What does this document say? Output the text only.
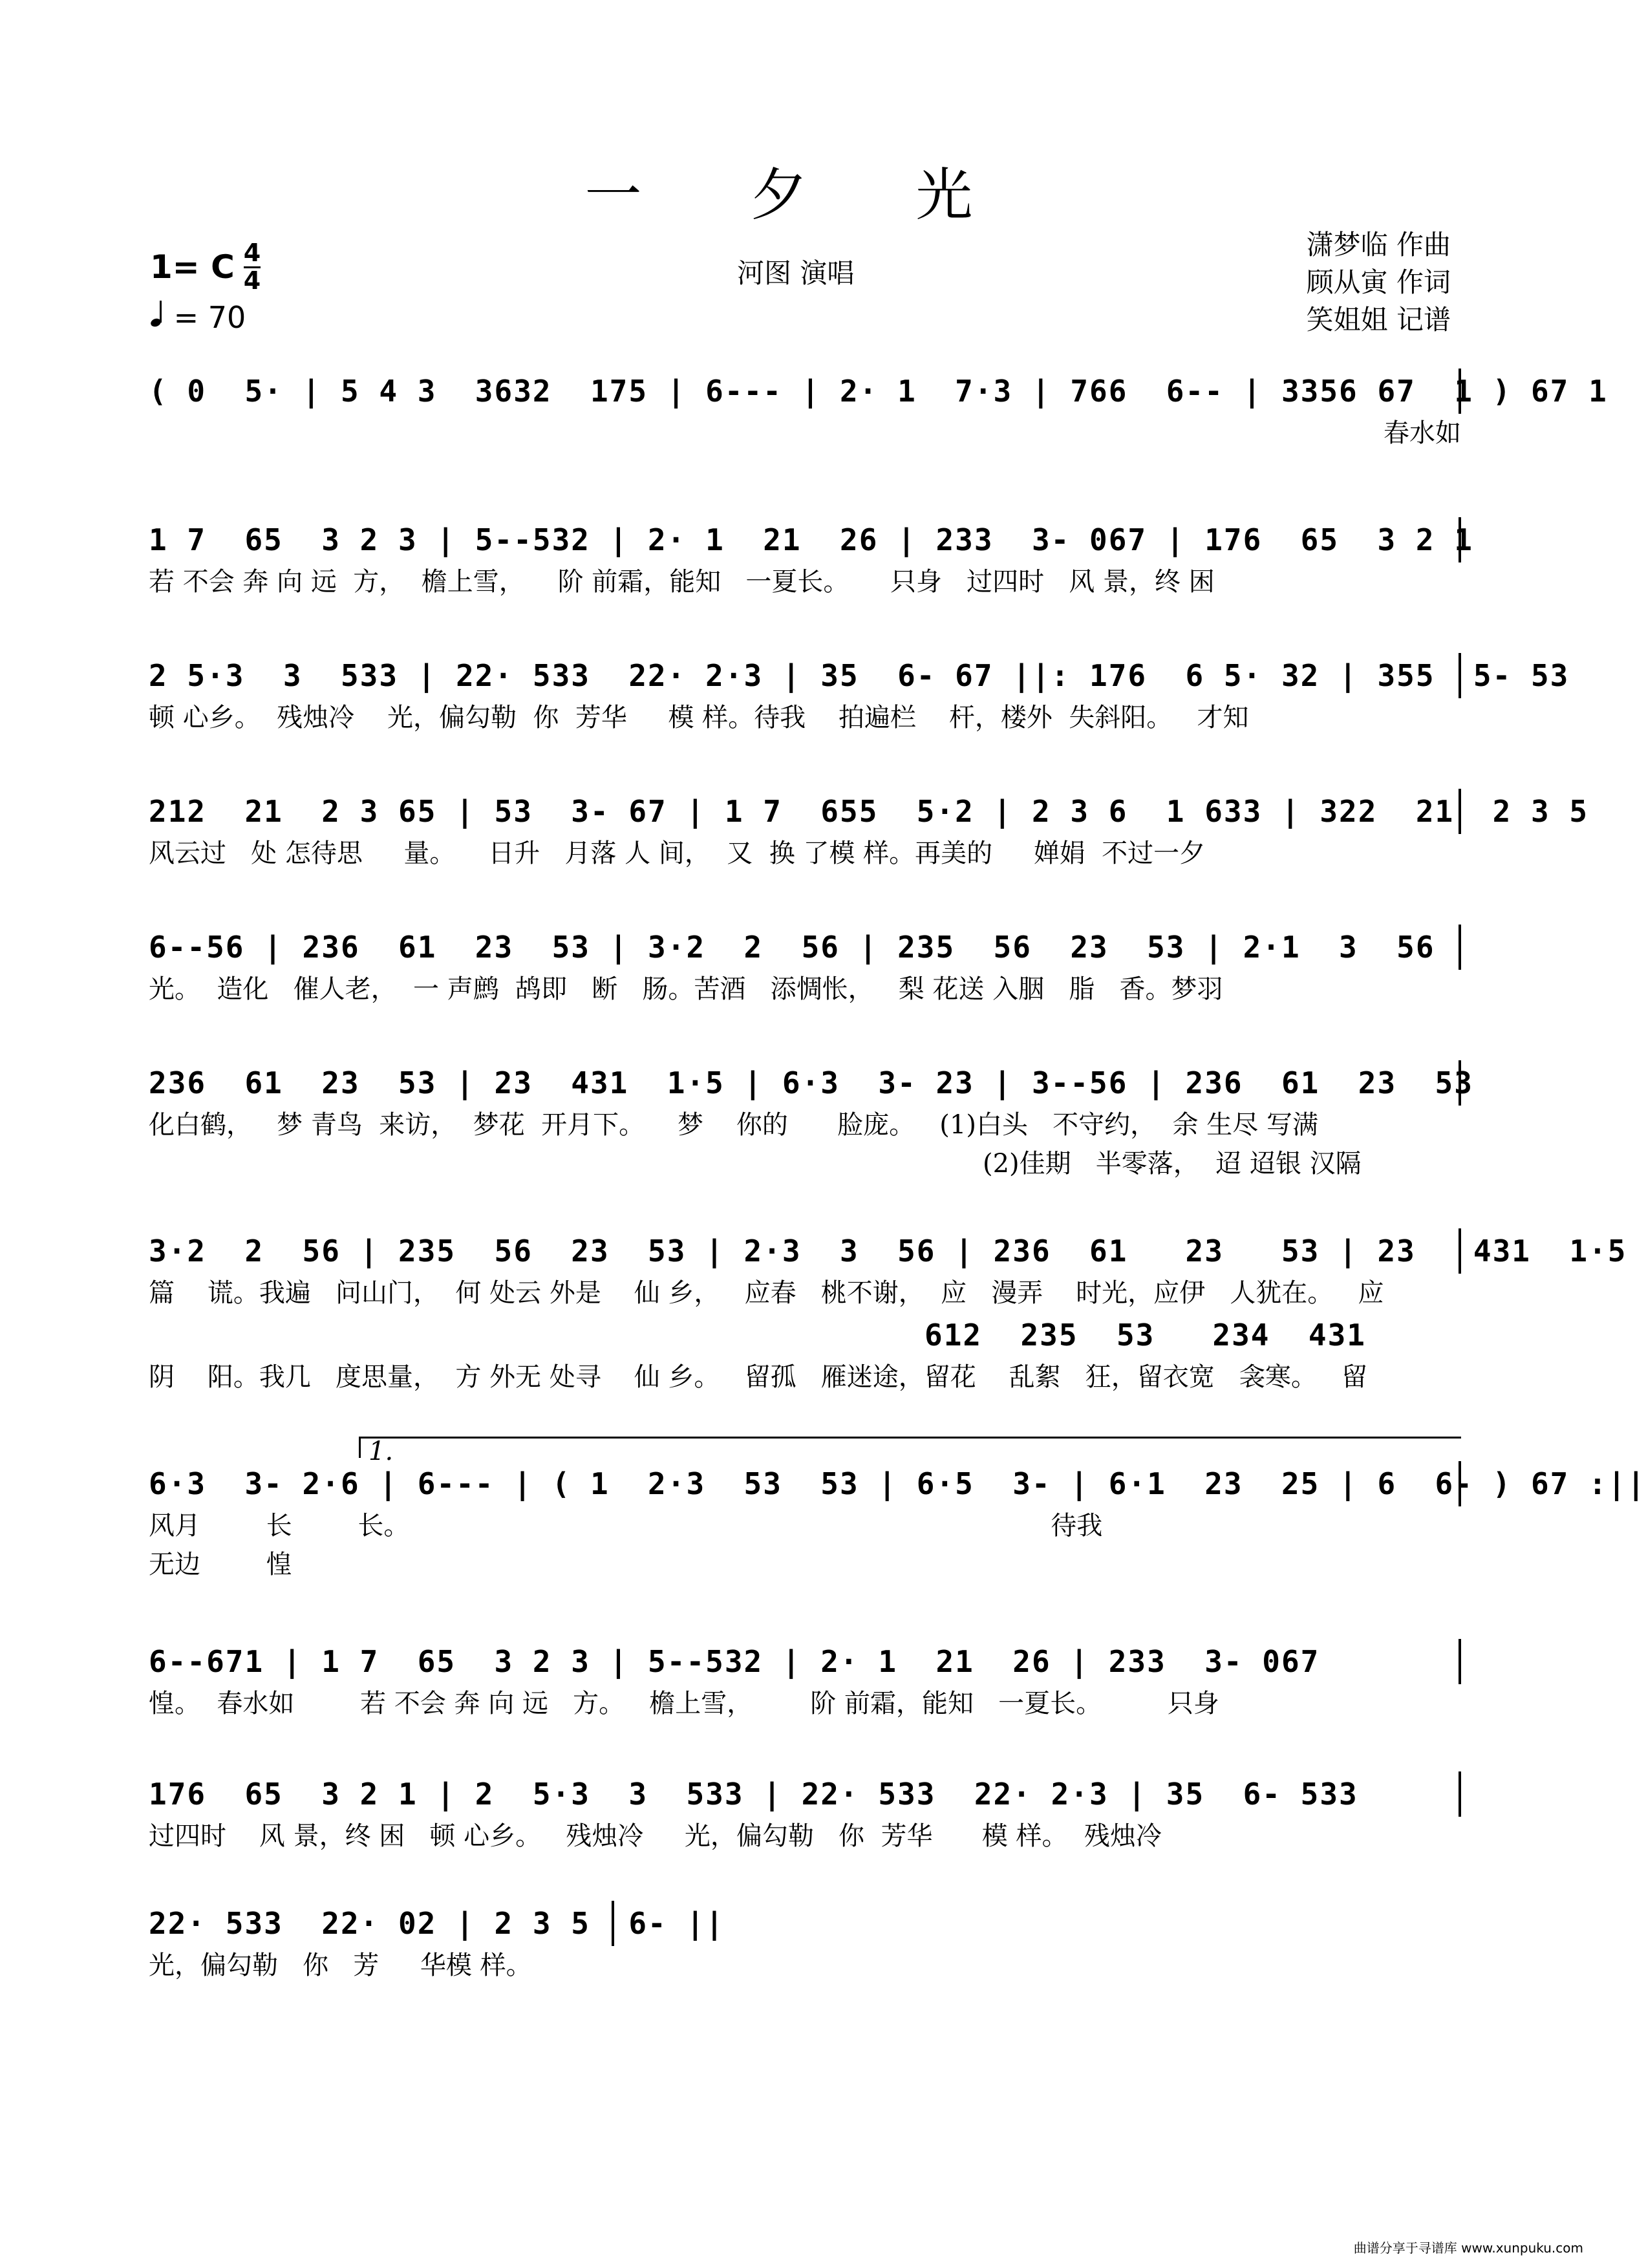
一 夕 光
1= C 4
4
= 70
河图 演唱
潇梦临 作曲
顾从寅 作词
笑姐姐 记谱
( 0  5· | 5 4 3  3632  175 | 6--- | 2· 1  7·3 | 766  6-- | 3356 67  1 ) 67 1
春水如
1 7  65  3 2 3 | 5--532 | 2· 1  21  26 | 233  3- 067 | 176  65  3 2 1
若 不会 奔 向 远  方，  檐上雪，    阶 前霜，能知   一夏长。     只身   过四时   风 景，终 困
2 5·3  3  533 | 22· 533  22· 2·3 | 35  6- 67 ||: 176  6 5· 32 | 355  5- 53
顿 心乡。  残烛冷    光，偏勾勒  你  芳华     模 样。待我    拍遍栏    杆，楼外  失斜阳。   才知
212  21  2 3 65 | 53  3- 67 | 1 7  655  5·2 | 2 3 6  1 633 | 322  21  2 3 5
风云过   处 怎待思     量。    日升   月落 人 间，  又  换 了模 样。再美的     婵娟  不过一夕
6--56 | 236  61  23  53 | 3·2  2  56 | 235  56  23  53 | 2·1  3  56
光。  造化   催人老，  一 声鹧  鸪即   断   肠。苦酒   添惆怅，   梨 花送 入胭   脂   香。梦羽
236  61  23  53 | 23  431  1·5 | 6·3  3- 23 | 3--56 | 236  61  23  53
化白鹤，   梦 青鸟  来访，  梦花  开月下。    梦    你的      脸庞。   (1)白头   不守约，  余 生尽 写满
(2)佳期   半零落，  迢 迢银 汉隔
3·2  2  56 | 235  56  23  53 | 2·3  3  56 | 236  61   23   53 | 23   431  1·5
篇    谎。我遍   问山门，  何 处云 外是    仙 乡，   应春   桃不谢，  应   漫弄    时光，应伊   人犹在。   应
612  235  53   234  431
阴    阳。我几   度思量，  方 外无 处寻    仙 乡。   留孤   雁迷途，留花    乱絮   狂，留衣宽   衾寒。   留
1.
6·3  3- 2·6 | 6--- | ( 1  2·3  53  53 | 6·5  3- | 6·1  23  25 | 6  6- ) 67 :||
风月        长        长。                                                                              待我
无边        惶
6--671 | 1 7  65  3 2 3 | 5--532 | 2· 1  21  26 | 233  3- 067
惶。  春水如        若 不会 奔 向 远   方。   檐上雪，       阶 前霜，能知   一夏长。        只身
176  65  3 2 1 | 2  5·3  3  533 | 22· 533  22· 2·3 | 35  6- 533
过四时    风 景，终 困   顿 心乡。   残烛冷     光，偏勾勒   你  芳华      模 样。  残烛冷
22· 533  22· 02 | 2 3 5  6- ||
光，偏勾勒   你   芳     华模 样。
曲谱分享于寻谱库 www.xunpuku.com
